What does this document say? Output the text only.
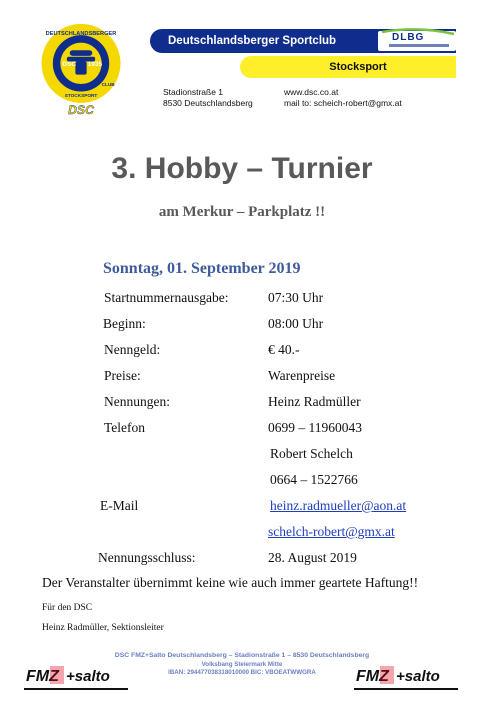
DSC 1935
DEUTSCHLANDSBERGER
STOCKSPORT
CLUB
DSC
Deutschlandsberger Sportclub	DLBG
Stocksport
Stadionstraße 1
8530 Deutschlandsberg
www.dsc.co.at
mail to: scheich-robert@gmx.at
3. Hobby – Turnier
am Merkur – Parkplatz !!
Sonntag, 01. September 2019
Startnummernausgabe:	07:30 Uhr
Beginn:	08:00 Uhr
Nenngeld:	€ 40.-
Preise:	Warenpreise
Nennungen:	Heinz Radmüller
Telefon	0699 – 11960043
Robert Schelch
0664 – 1522766
E-Mail	heinz.radmueller@aon.at
schelch-robert@gmx.at
Nennungsschluss:	28. August 2019
Der Veranstalter übernimmt keine wie auch immer geartete Haftung!!
Für den DSC
Heinz Radmüller, Sektionsleiter
DSC FMZ+Salto Deutschlandsberg – Stadionstraße 1 – 8530 Deutschlandsberg
Volksbang Steiermark Mitte
IBAN: 294477038318010000 BIC: VBOEATWWGRA
FMZ +salto	FMZ +salto
